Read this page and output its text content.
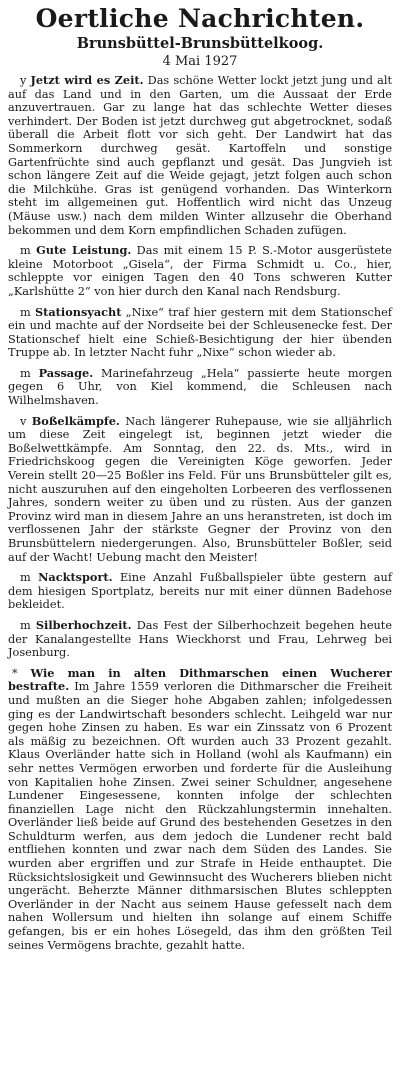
Oertliche Nachrichten.
Brunsbüttel-Brunsbüttelkoog.
4 Mai 1927

y Jetzt wird es Zeit. Das schöne Wetter lockt jetzt jung und alt auf das Land und in den Garten, um die Aussaat der Erde anzuvertrauen. Gar zu lange hat das schlechte Wetter dieses verhindert. Der Boden ist jetzt durchweg gut abgetrocknet, sodaß überall die Arbeit flott vor sich geht. Der Landwirt hat das Sommerkorn durchweg gesät. Kartoffeln und sonstige Gartenfrüchte sind auch gepflanzt und gesät. Das Jungvieh ist schon längere Zeit auf die Weide gejagt, jetzt folgen auch schon die Milchkühe. Gras ist genügend vorhanden. Das Winterkorn steht im allgemeinen gut. Hoffentlich wird nicht das Unzeug (Mäuse usw.) nach dem milden Winter allzusehr die Oberhand bekommen und dem Korn empfindlichen Schaden zufügen.

m Gute Leistung. Das mit einem 15 P. S.-Motor ausgerüstete kleine Motorboot „Gisela“, der Firma Schmidt u. Co., hier, schleppte vor einigen Tagen den 40 Tons schweren Kutter „Karlshütte 2“ von hier durch den Kanal nach Rendsburg.

m Stationsyacht „Nixe“ traf hier gestern mit dem Stationschef ein und machte auf der Nordseite bei der Schleusenecke fest. Der Stationschef hielt eine Schieß-Besichtigung der hier übenden Truppe ab. In letzter Nacht fuhr „Nixe“ schon wieder ab.

m Passage. Marinefahrzeug „Hela“ passierte heute morgen gegen 6 Uhr, von Kiel kommend, die Schleusen nach Wilhelmshaven.

v Boßelkämpfe. Nach längerer Ruhepause, wie sie alljährlich um diese Zeit eingelegt ist, beginnen jetzt wieder die Boßelwettkämpfe. Am Sonntag, den 22. ds. Mts., wird in Friedrichskoog gegen die Vereinigten Köge geworfen. Jeder Verein stellt 20—25 Boßler ins Feld. Für uns Brunsbütteler gilt es, nicht auszuruhen auf den eingeholten Lorbeeren des verflossenen Jahres, sondern weiter zu üben und zu rüsten. Aus der ganzen Provinz wird man in diesem Jahre an uns heranstreten, ist doch im verflossenen Jahr der stärkste Gegner der Provinz von den Brunsbüttelern niedergerungen. Also, Brunsbütteler Boßler, seid auf der Wacht! Uebung macht den Meister!

m Nacktsport. Eine Anzahl Fußballspieler übte gestern auf dem hiesigen Sportplatz, bereits nur mit einer dünnen Badehose bekleidet.

m Silberhochzeit. Das Fest der Silberhochzeit begehen heute der Kanalangestellte Hans Wieckhorst und Frau, Lehrweg bei Josenburg.

* Wie man in alten Dithmarschen einen Wucherer bestrafte. Im Jahre 1559 verloren die Dithmarscher die Freiheit und mußten an die Sieger hohe Abgaben zahlen; infolgedessen ging es der Landwirtschaft besonders schlecht. Leihgeld war nur gegen hohe Zinsen zu haben. Es war ein Zinssatz von 6 Prozent als mäßig zu bezeichnen. Oft wurden auch 33 Prozent gezahlt. Klaus Overländer hatte sich in Holland (wohl als Kaufmann) ein sehr nettes Vermögen erworben und forderte für die Ausleihung von Kapitalien hohe Zinsen. Zwei seiner Schuldner, angesehene Lundener Eingesessene, konnten infolge der schlechten finanziellen Lage nicht den Rückzahlungstermin innehalten. Overländer ließ beide auf Grund des bestehenden Gesetzes in den Schuldturm werfen, aus dem jedoch die Lundener recht bald entfliehen konnten und zwar nach dem Süden des Landes. Sie wurden aber ergriffen und zur Strafe in Heide enthauptet. Die Rücksichtslosigkeit und Gewinnsucht des Wucherers blieben nicht ungerächt. Beherzte Männer dithmarsischen Blutes schleppten Overländer in der Nacht aus seinem Hause gefesselt nach dem nahen Wollersum und hielten ihn solange auf einem Schiffe gefangen, bis er ein hohes Lösegeld, das ihm den größten Teil seines Vermögens brachte, gezahlt hatte.
